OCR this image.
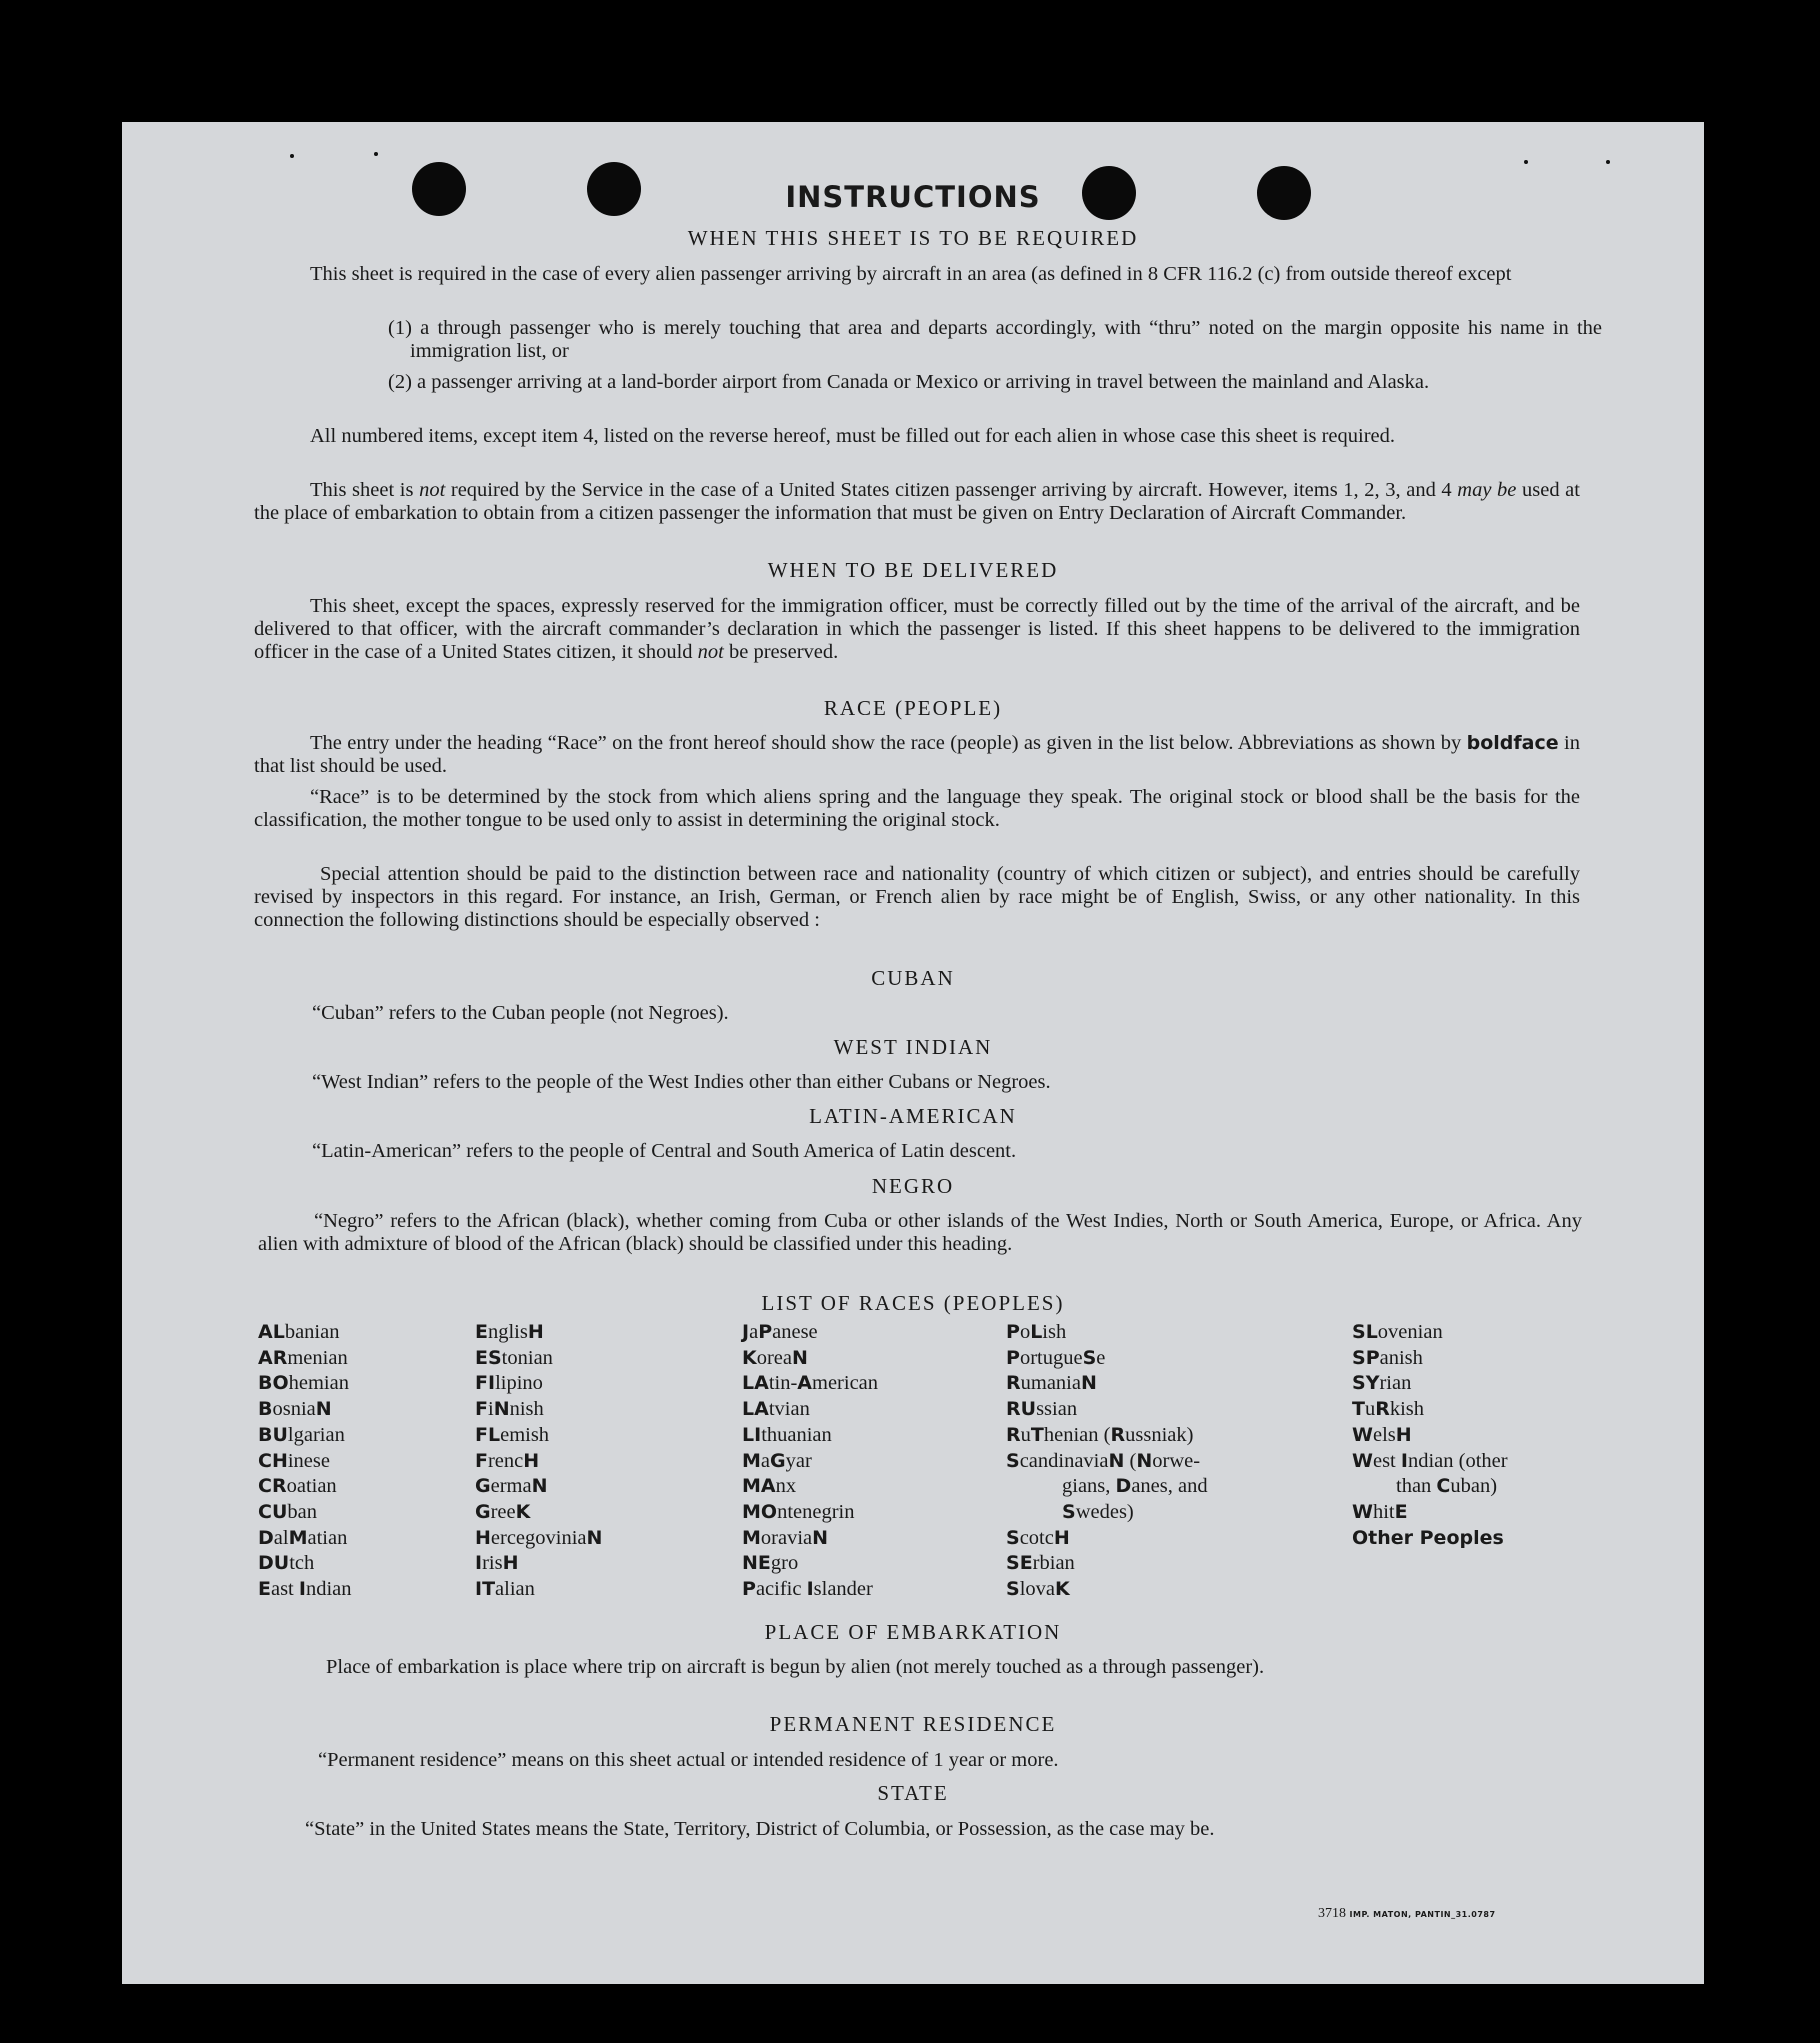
INSTRUCTIONS
WHEN THIS SHEET IS TO BE REQUIRED
This sheet is required in the case of every alien passenger arriving by aircraft in an area (as defined in 8 CFR 116.2 (c) from outside thereof except
(1) a through passenger who is merely touching that area and departs accordingly, with “thru” noted on the margin opposite his name in the immigration list, or
(2) a passenger arriving at a land-border airport from Canada or Mexico or arriving in travel between the mainland and Alaska.
All numbered items, except item 4, listed on the reverse hereof, must be filled out for each alien in whose case this sheet is required.
This sheet is not required by the Service in the case of a United States citizen passenger arriving by aircraft. However, items 1, 2, 3, and 4 may be used at the place of embarkation to obtain from a citizen passenger the information that must be given on Entry Declaration of Aircraft Commander.
WHEN TO BE DELIVERED
This sheet, except the spaces, expressly reserved for the immigration officer, must be correctly filled out by the time of the arrival of the aircraft, and be delivered to that officer, with the aircraft commander’s declaration in which the passenger is listed. If this sheet happens to be delivered to the immigration officer in the case of a United States citizen, it should not be preserved.
RACE (PEOPLE)
The entry under the heading “Race” on the front hereof should show the race (people) as given in the list below. Abbreviations as shown by boldface in that list should be used.
“Race” is to be determined by the stock from which aliens spring and the language they speak. The original stock or blood shall be the basis for the classification, the mother tongue to be used only to assist in determining the original stock.
Special attention should be paid to the distinction between race and nationality (country of which citizen or subject), and entries should be carefully revised by inspectors in this regard. For instance, an Irish, German, or French alien by race might be of English, Swiss, or any other nationality. In this connection the following distinctions should be especially observed :
CUBAN
“Cuban” refers to the Cuban people (not Negroes).
WEST INDIAN
“West Indian” refers to the people of the West Indies other than either Cubans or Negroes.
LATIN-AMERICAN
“Latin-American” refers to the people of Central and South America of Latin descent.
NEGRO
“Negro” refers to the African (black), whether coming from Cuba or other islands of the West Indies, North or South America, Europe, or Africa. Any alien with admixture of blood of the African (black) should be classified under this heading.
LIST OF RACES (PEOPLES)
ALbanian
ARmenian
BOhemian
BosniaN
BUlgarian
CHinese
CRoatian
CUban
DalMatian
DUtch
East Indian
EnglisH
EStonian
FIlipino
FiNnish
FLemish
FrencH
GermaN
GreeK
HercegoviniaN
IrisH
ITalian
JaPanese
KoreaN
LAtin-American
LAtvian
LIthuanian
MaGyar
MAnx
MOntenegrin
MoraviaN
NEgro
Pacific Islander
PoLish
PortugueSe
RumaniaN
RUssian
RuThenian (Russniak)
ScandinaviaN (Norwe-
gians, Danes, and
Swedes)
ScotcH
SErbian
SlovaK
SLovenian
SPanish
SYrian
TuRkish
WelsH
West Indian (other
than Cuban)
WhitE
Other Peoples
PLACE OF EMBARKATION
Place of embarkation is place where trip on aircraft is begun by alien (not merely touched as a through passenger).
PERMANENT RESIDENCE
“Permanent residence” means on this sheet actual or intended residence of 1 year or more.
STATE
“State” in the United States means the State, Territory, District of Columbia, or Possession, as the case may be.
3718 IMP. MATON, PANTIN_31.0787
